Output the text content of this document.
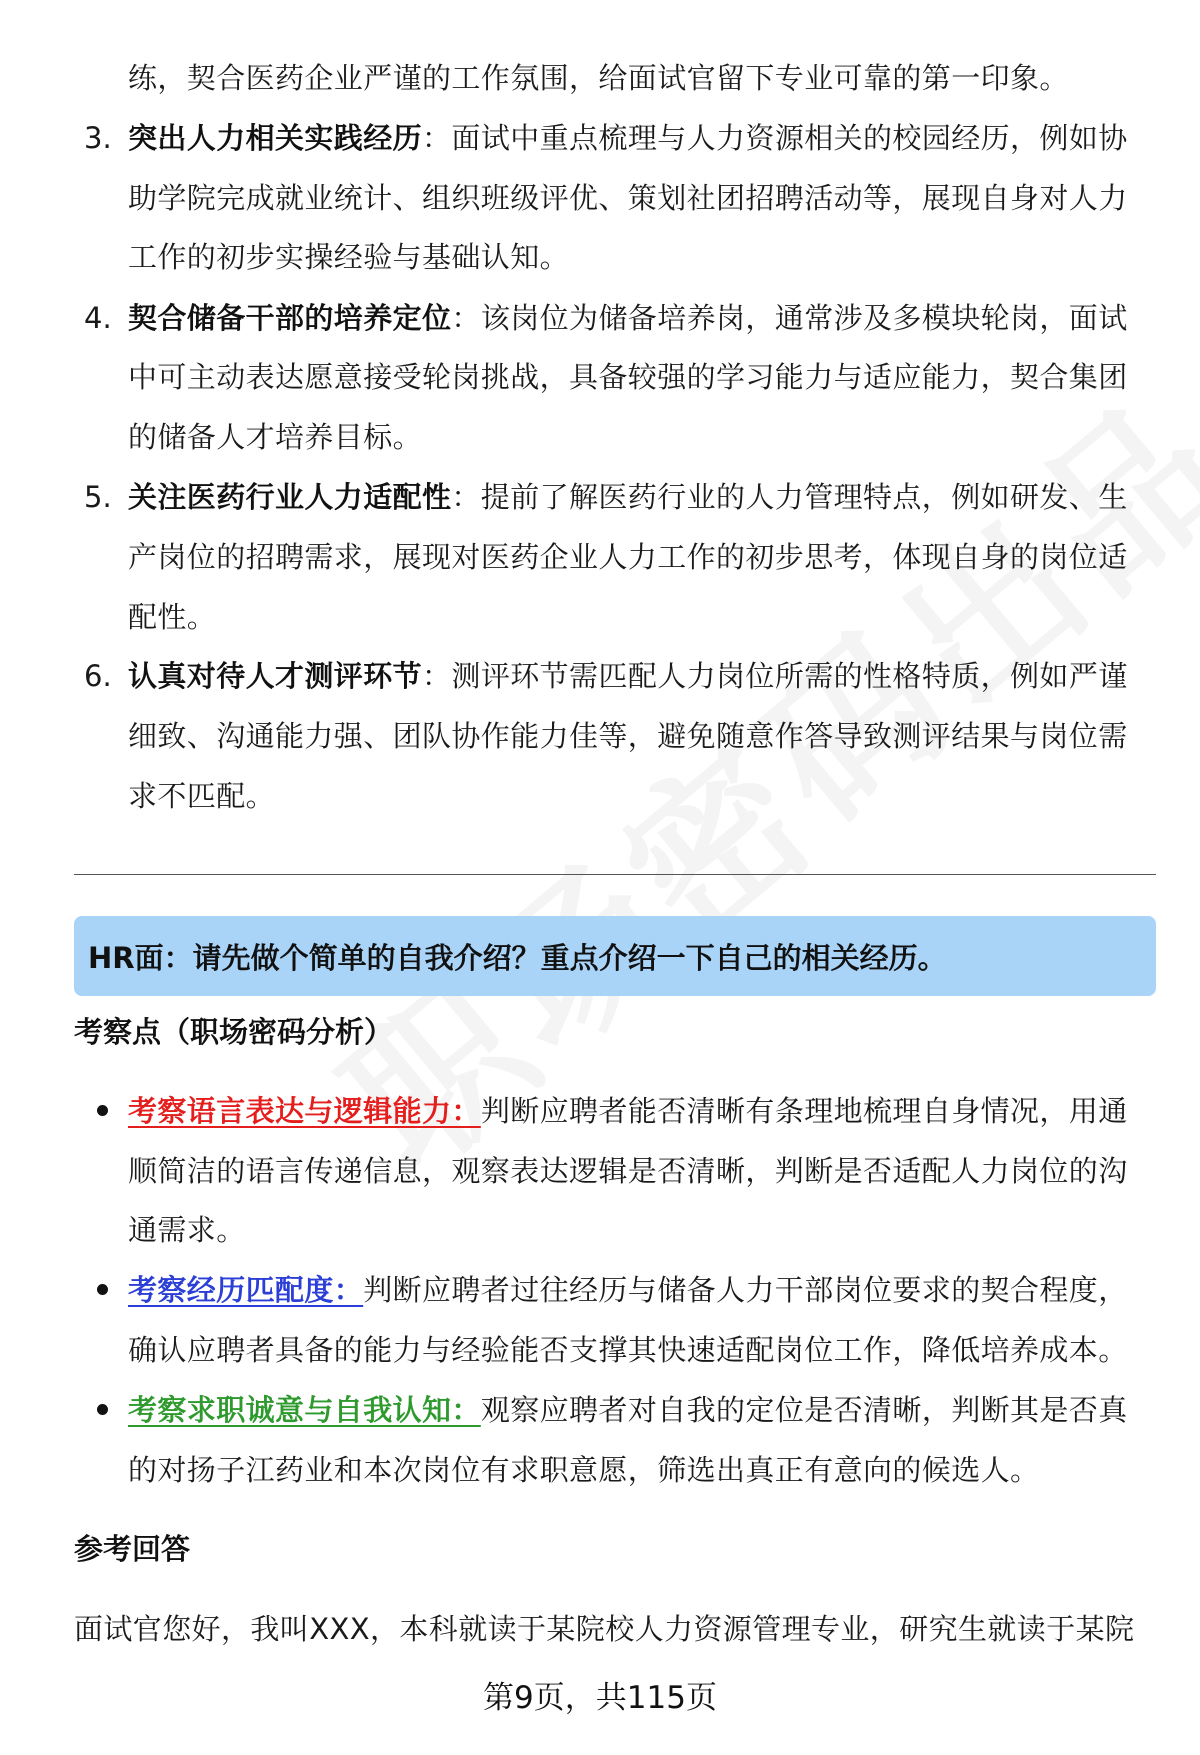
练，契合医药企业严谨的工作氛围，给面试官留下专业可靠的第一印象。
3. 突出人力相关实践经历：面试中重点梳理与人力资源相关的校园经历，例如协
助学院完成就业统计、组织班级评优、策划社团招聘活动等，展现自身对人力
工作的初步实操经验与基础认知。
4. 契合储备干部的培养定位：该岗位为储备培养岗，通常涉及多模块轮岗，面试
中可主动表达愿意接受轮岗挑战，具备较强的学习能力与适应能力，契合集团
的储备人才培养目标。
5. 关注医药行业人力适配性：提前了解医药行业的人力管理特点，例如研发、生
产岗位的招聘需求，展现对医药企业人力工作的初步思考，体现自身的岗位适
配性。
6. 认真对待人才测评环节：测评环节需匹配人力岗位所需的性格特质，例如严谨
细致、沟通能力强、团队协作能力佳等，避免随意作答导致测评结果与岗位需
求不匹配。
HR面：请先做个简单的自我介绍？重点介绍一下自己的相关经历。
考察点（职场密码分析）
考察语言表达与逻辑能力：判断应聘者能否清晰有条理地梳理自身情况，用通
顺简洁的语言传递信息，观察表达逻辑是否清晰，判断是否适配人力岗位的沟
通需求。
考察经历匹配度：判断应聘者过往经历与储备人力干部岗位要求的契合程度，
确认应聘者具备的能力与经验能否支撑其快速适配岗位工作，降低培养成本。
考察求职诚意与自我认知：观察应聘者对自我的定位是否清晰，判断其是否真
的对扬子江药业和本次岗位有求职意愿，筛选出真正有意向的候选人。
参考回答
面试官您好，我叫XXX，本科就读于某院校人力资源管理专业，研究生就读于某院
第9页，共115页
